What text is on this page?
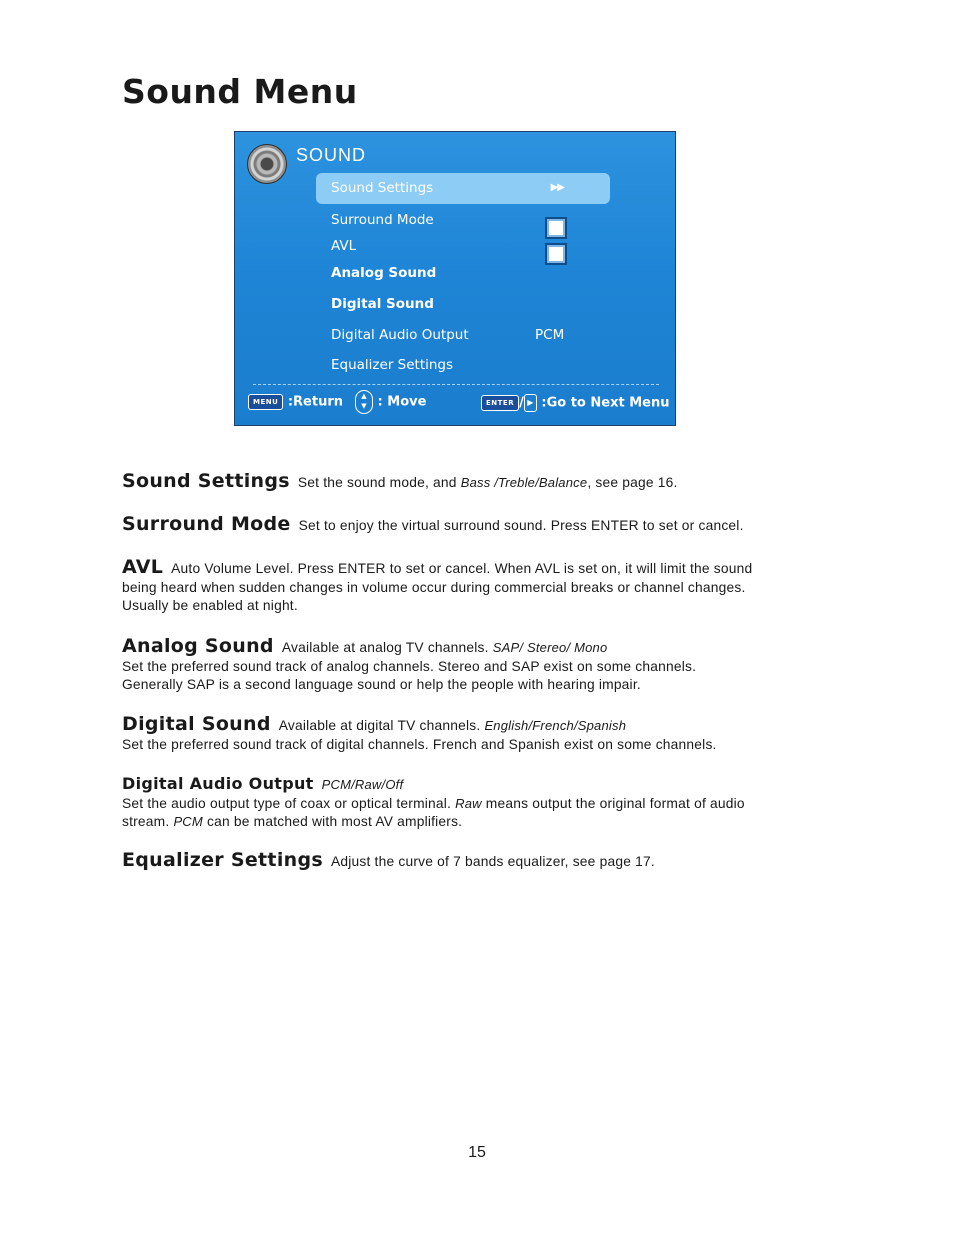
Sound Menu
SOUND
Sound Settings	▶▶
Surround Mode
AVL
Analog Sound
Digital Sound
Digital Audio Output	PCM
Equalizer Settings
MENU :Return	▲
▼ : Move	ENTER / ▶ :Go to Next Menu
Sound Settings Set the sound mode, and Bass /Treble/Balance, see page 16.
Surround Mode Set to enjoy the virtual surround sound. Press ENTER to set or cancel.
AVL Auto Volume Level. Press ENTER to set or cancel. When AVL is set on, it will limit the sound being heard when sudden changes in volume occur during commercial breaks or channel changes. Usually be enabled at night.
Analog Sound Available at analog TV channels. SAP/ Stereo/ Mono
Set the preferred sound track of analog channels. Stereo and SAP exist on some channels.
Generally SAP is a second language sound or help the people with hearing impair.
Digital Sound Available at digital TV channels. English/French/Spanish
Set the preferred sound track of digital channels. French and Spanish exist on some channels.
Digital Audio Output PCM/Raw/Off
Set the audio output type of coax or optical terminal. Raw means output the original format of audio stream. PCM can be matched with most AV amplifiers.
Equalizer Settings Adjust the curve of 7 bands equalizer, see page 17.
15
